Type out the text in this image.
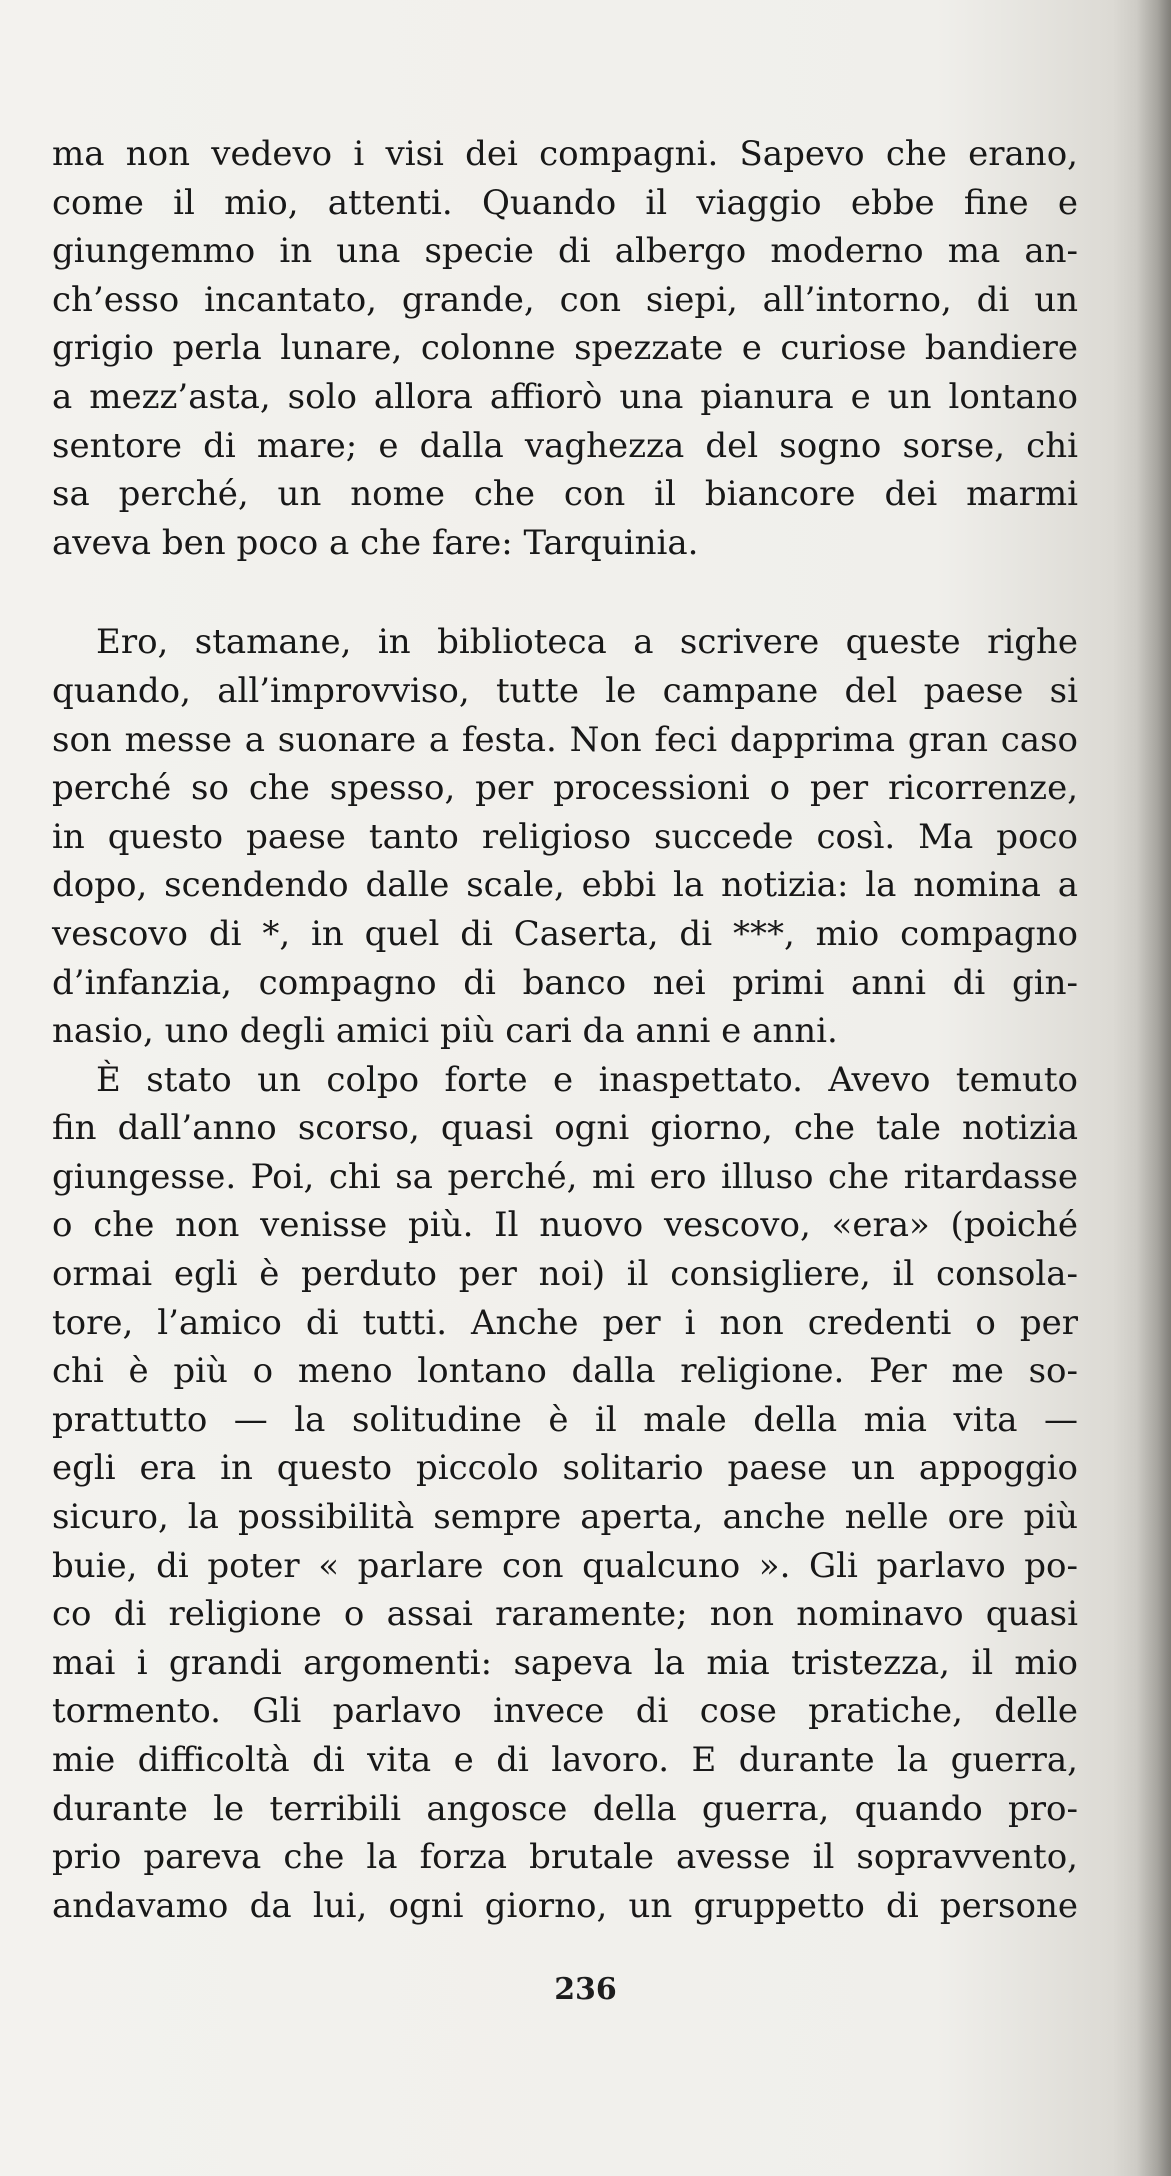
ma non vedevo i visi dei compagni. Sapevo che erano,
come il mio, attenti. Quando il viaggio ebbe fine e
giungemmo in una specie di albergo moderno ma an-
ch’esso incantato, grande, con siepi, all’intorno, di un
grigio perla lunare, colonne spezzate e curiose bandiere
a mezz’asta, solo allora affiorò una pianura e un lontano
sentore di mare; e dalla vaghezza del sogno sorse, chi
sa perché, un nome che con il biancore dei marmi
aveva ben poco a che fare: Tarquinia.
Ero, stamane, in biblioteca a scrivere queste righe
quando, all’improvviso, tutte le campane del paese si
son messe a suonare a festa. Non feci dapprima gran caso
perché so che spesso, per processioni o per ricorrenze,
in questo paese tanto religioso succede così. Ma poco
dopo, scendendo dalle scale, ebbi la notizia: la nomina a
vescovo di *, in quel di Caserta, di ***, mio compagno
d’infanzia, compagno di banco nei primi anni di gin-
nasio, uno degli amici più cari da anni e anni.
È stato un colpo forte e inaspettato. Avevo temuto
fin dall’anno scorso, quasi ogni giorno, che tale notizia
giungesse. Poi, chi sa perché, mi ero illuso che ritardasse
o che non venisse più. Il nuovo vescovo, «era» (poiché
ormai egli è perduto per noi) il consigliere, il consola-
tore, l’amico di tutti. Anche per i non credenti o per
chi è più o meno lontano dalla religione. Per me so-
prattutto — la solitudine è il male della mia vita —
egli era in questo piccolo solitario paese un appoggio
sicuro, la possibilità sempre aperta, anche nelle ore più
buie, di poter « parlare con qualcuno ». Gli parlavo po-
co di religione o assai raramente; non nominavo quasi
mai i grandi argomenti: sapeva la mia tristezza, il mio
tormento. Gli parlavo invece di cose pratiche, delle
mie difficoltà di vita e di lavoro. E durante la guerra,
durante le terribili angosce della guerra, quando pro-
prio pareva che la forza brutale avesse il sopravvento,
andavamo da lui, ogni giorno, un gruppetto di persone
236
